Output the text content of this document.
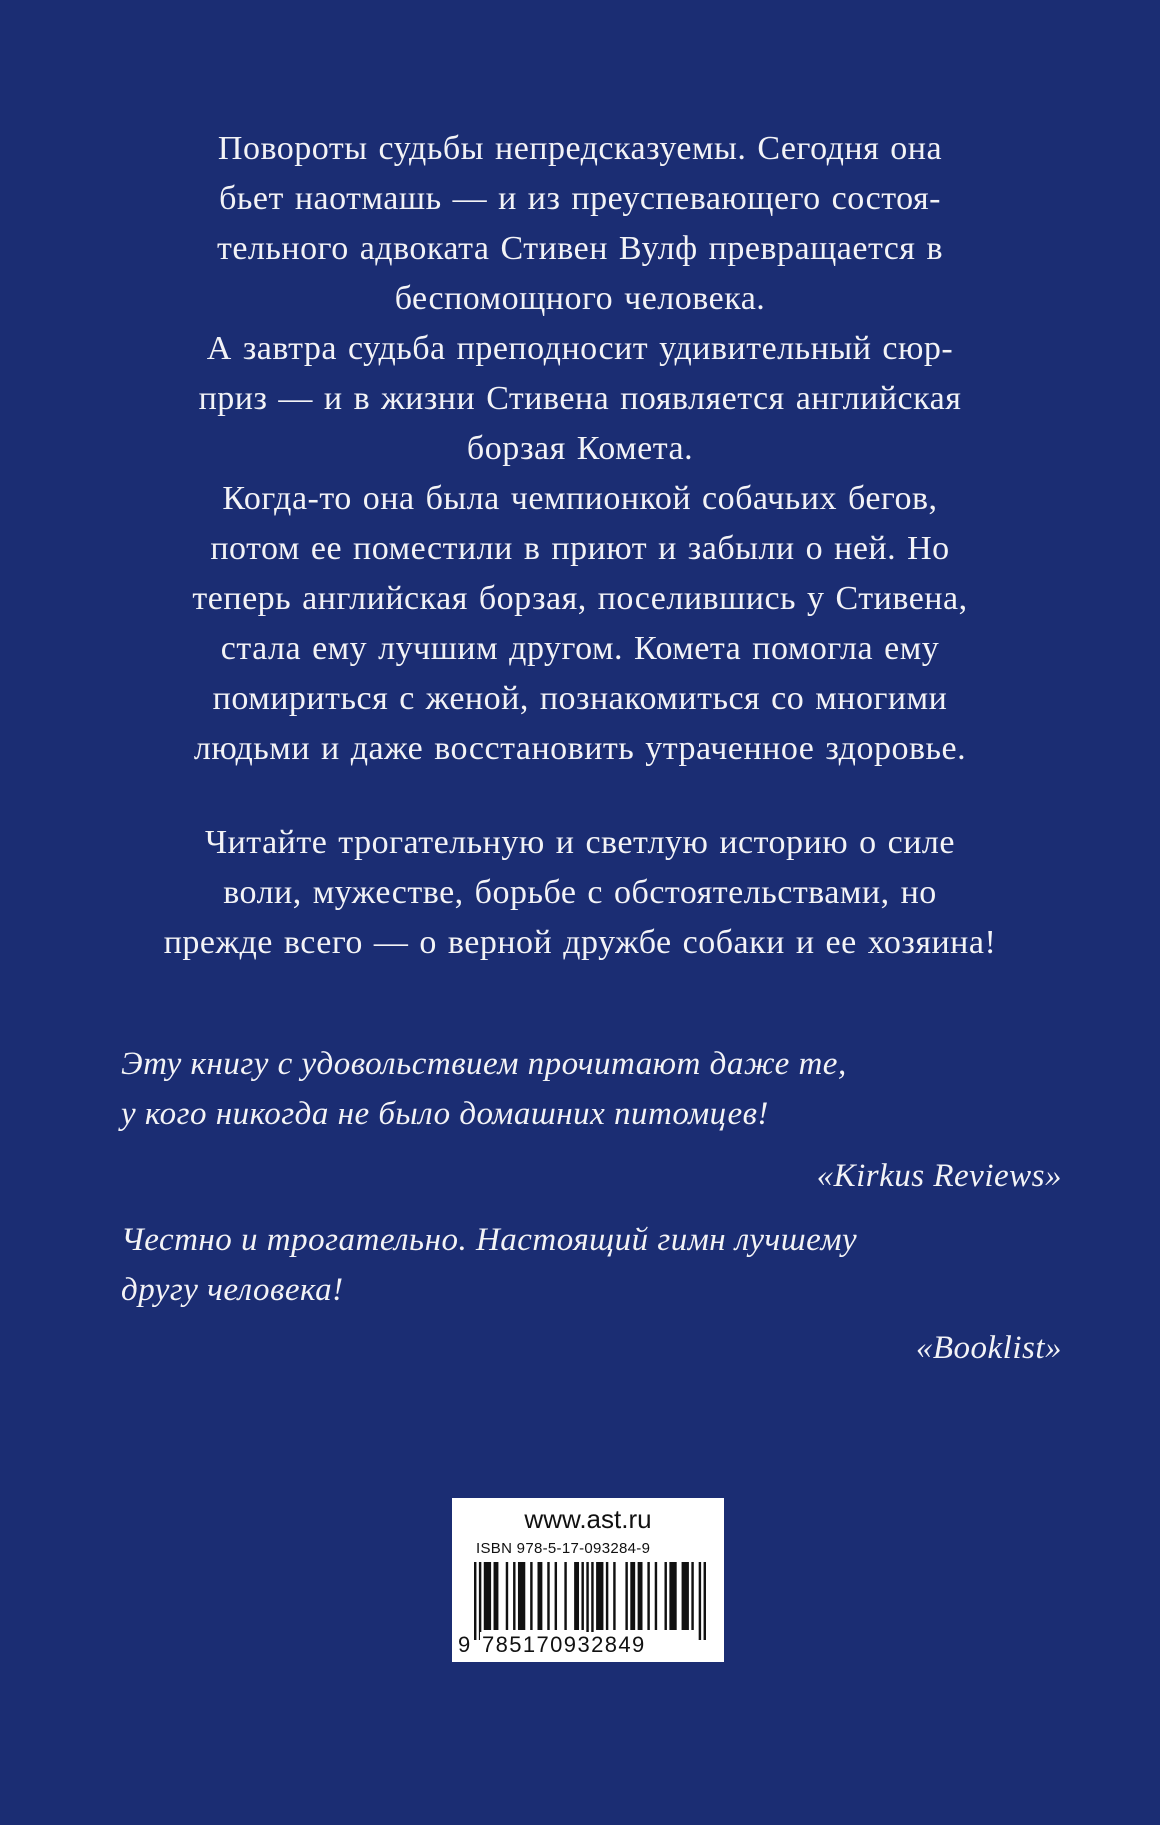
Повороты судьбы непредсказуемы. Сегодня она
бьет наотмашь — и из преуспевающего состоя-
тельного адвоката Стивен Вулф превращается в
беспомощного человека.
А завтра судьба преподносит удивительный сюр-
приз — и в жизни Стивена появляется английская
борзая Комета.
Когда-то она была чемпионкой собачьих бегов,
потом ее поместили в приют и забыли о ней. Но
теперь английская борзая, поселившись у Стивена,
стала ему лучшим другом. Комета помогла ему
помириться с женой, познакомиться со многими
людьми и даже восстановить утраченное здоровье.
Читайте трогательную и светлую историю о силе
воли, мужестве, борьбе с обстоятельствами, но
прежде всего — о верной дружбе собаки и ее хозяина!
Эту книгу с удовольствием прочитают даже те,
у кого никогда не было домашних питомцев!
«Kirkus Reviews»
Честно и трогательно. Настоящий гимн лучшему
другу человека!
«Booklist»
www.ast.ru
ISBN 978-5-17-093284-9
9 785170932849
